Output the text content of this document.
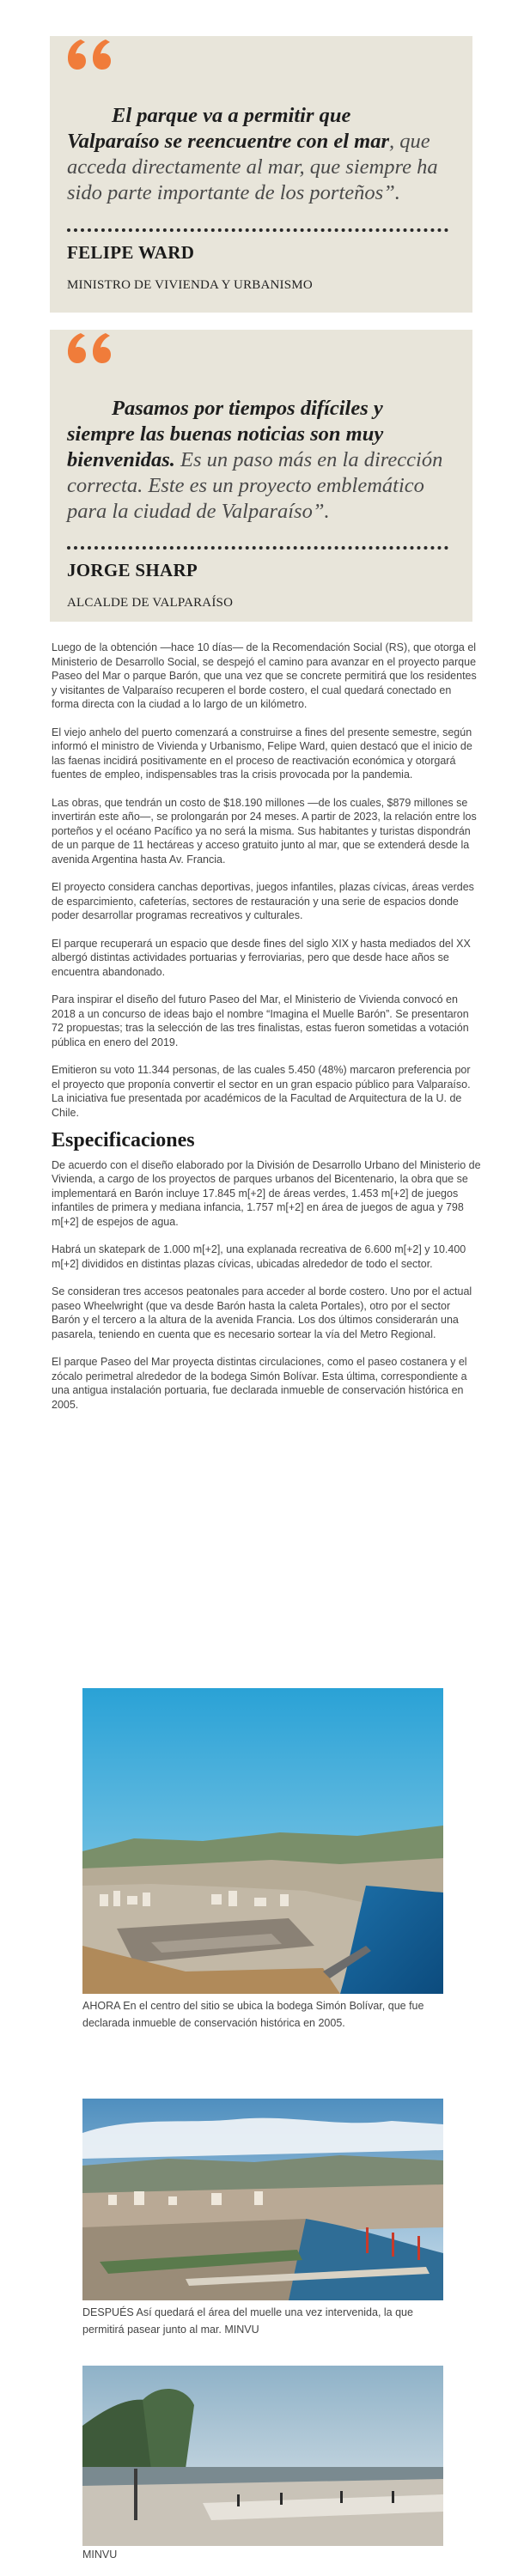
El parque va a permitir que Valparaíso se reencuentre con el mar, que acceda directamente al mar, que siempre ha sido parte importante de los porteños”.

FELIPE WARD

MINISTRO DE VIVIENDA Y URBANISMO

Pasamos por tiempos difíciles y siempre las buenas noticias son muy bienvenidas. Es un paso más en la dirección correcta. Este es un proyecto emblemático para la ciudad de Valparaíso”.

JORGE SHARP

ALCALDE DE VALPARAÍSO

Luego de la obtención —hace 10 días— de la Recomendación Social (RS), que otorga el Ministerio de Desarrollo Social, se despejó el camino para avanzar en el proyecto parque Paseo del Mar o parque Barón, que una vez que se concrete permitirá que los residentes y visitantes de Valparaíso recuperen el borde costero, el cual quedará conectado en forma directa con la ciudad a lo largo de un kilómetro.

El viejo anhelo del puerto comenzará a construirse a fines del presente semestre, según informó el ministro de Vivienda y Urbanismo, Felipe Ward, quien destacó que el inicio de las faenas incidirá positivamente en el proceso de reactivación económica y otorgará fuentes de empleo, indispensables tras la crisis provocada por la pandemia.

Las obras, que tendrán un costo de $18.190 millones —de los cuales, $879 millones se invertirán este año—, se prolongarán por 24 meses. A partir de 2023, la relación entre los porteños y el océano Pacífico ya no será la misma. Sus habitantes y turistas dispondrán de un parque de 11 hectáreas y acceso gratuito junto al mar, que se extenderá desde la avenida Argentina hasta Av. Francia.

El proyecto considera canchas deportivas, juegos infantiles, plazas cívicas, áreas verdes de esparcimiento, cafeterías, sectores de restauración y una serie de espacios donde poder desarrollar programas recreativos y culturales.

El parque recuperará un espacio que desde fines del siglo XIX y hasta mediados del XX albergó distintas actividades portuarias y ferroviarias, pero que desde hace años se encuentra abandonado.

Para inspirar el diseño del futuro Paseo del Mar, el Ministerio de Vivienda convocó en 2018 a un concurso de ideas bajo el nombre “Imagina el Muelle Barón”. Se presentaron 72 propuestas; tras la selección de las tres finalistas, estas fueron sometidas a votación pública en enero del 2019.

Emitieron su voto 11.344 personas, de las cuales 5.450 (48%) marcaron preferencia por el proyecto que proponía convertir el sector en un gran espacio público para Valparaíso. La iniciativa fue presentada por académicos de la Facultad de Arquitectura de la U. de Chile.

Especificaciones

De acuerdo con el diseño elaborado por la División de Desarrollo Urbano del Ministerio de Vivienda, a cargo de los proyectos de parques urbanos del Bicentenario, la obra que se implementará en Barón incluye 17.845 m[+2] de áreas verdes, 1.453 m[+2] de juegos infantiles de primera y mediana infancia, 1.757 m[+2] en área de juegos de agua y 798 m[+2] de espejos de agua.

Habrá un skatepark de 1.000 m[+2], una explanada recreativa de 6.600 m[+2] y 10.400 m[+2] divididos en distintas plazas cívicas, ubicadas alrededor de todo el sector.

Se consideran tres accesos peatonales para acceder al borde costero. Uno por el actual paseo Wheelwright (que va desde Barón hasta la caleta Portales), otro por el sector Barón y el tercero a la altura de la avenida Francia. Los dos últimos considerarán una pasarela, teniendo en cuenta que es necesario sortear la vía del Metro Regional.

El parque Paseo del Mar proyecta distintas circulaciones, como el paseo costanera y el zócalo perimetral alrededor de la bodega Simón Bolívar. Esta última, correspondiente a una antigua instalación portuaria, fue declarada inmueble de conservación histórica en 2005.

AHORA En el centro del sitio se ubica la bodega Simón Bolívar, que fue declarada inmueble de conservación histórica en 2005.
DESPUÉS Así quedará el área del muelle una vez intervenida, la que permitirá pasear junto al mar. MINVU
MINVU
